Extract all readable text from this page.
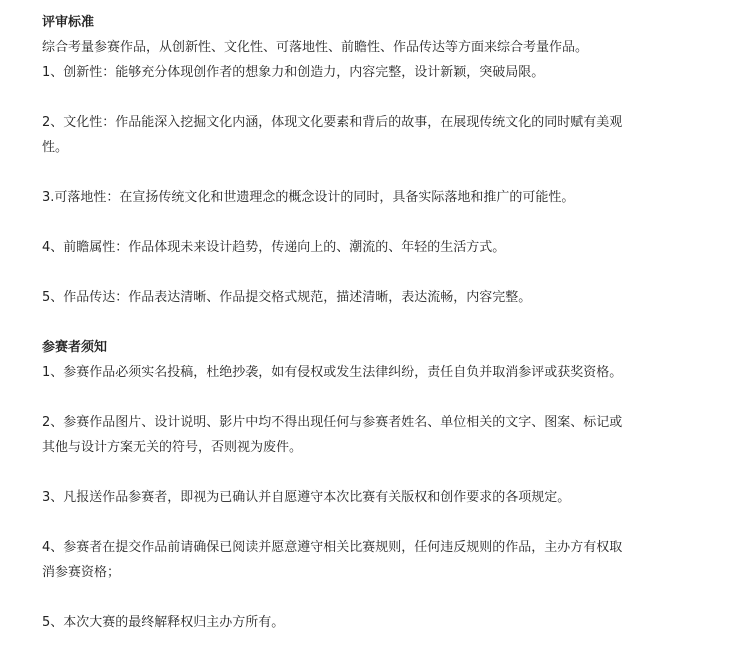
评审标准
综合考量参赛作品，从创新性、文化性、可落地性、前瞻性、作品传达等方面来综合考量作品。
1、创新性：能够充分体现创作者的想象力和创造力，内容完整，设计新颖，突破局限。
2、文化性：作品能深入挖掘文化内涵，体现文化要素和背后的故事，在展现传统文化的同时赋有美观
性。
3.可落地性：在宣扬传统文化和世遗理念的概念设计的同时，具备实际落地和推广的可能性。
4、前瞻属性：作品体现未来设计趋势，传递向上的、潮流的、年轻的生活方式。
5、作品传达：作品表达清晰、作品提交格式规范，描述清晰，表达流畅，内容完整。
参赛者须知
1、参赛作品必须实名投稿，杜绝抄袭，如有侵权或发生法律纠纷，责任自负并取消参评或获奖资格。
2、参赛作品图片、设计说明、影片中均不得出现任何与参赛者姓名、单位相关的文字、图案、标记或
其他与设计方案无关的符号，否则视为废件。
3、凡报送作品参赛者，即视为已确认并自愿遵守本次比赛有关版权和创作要求的各项规定。
4、参赛者在提交作品前请确保已阅读并愿意遵守相关比赛规则，任何违反规则的作品，主办方有权取
消参赛资格；
5、本次大赛的最终解释权归主办方所有。
